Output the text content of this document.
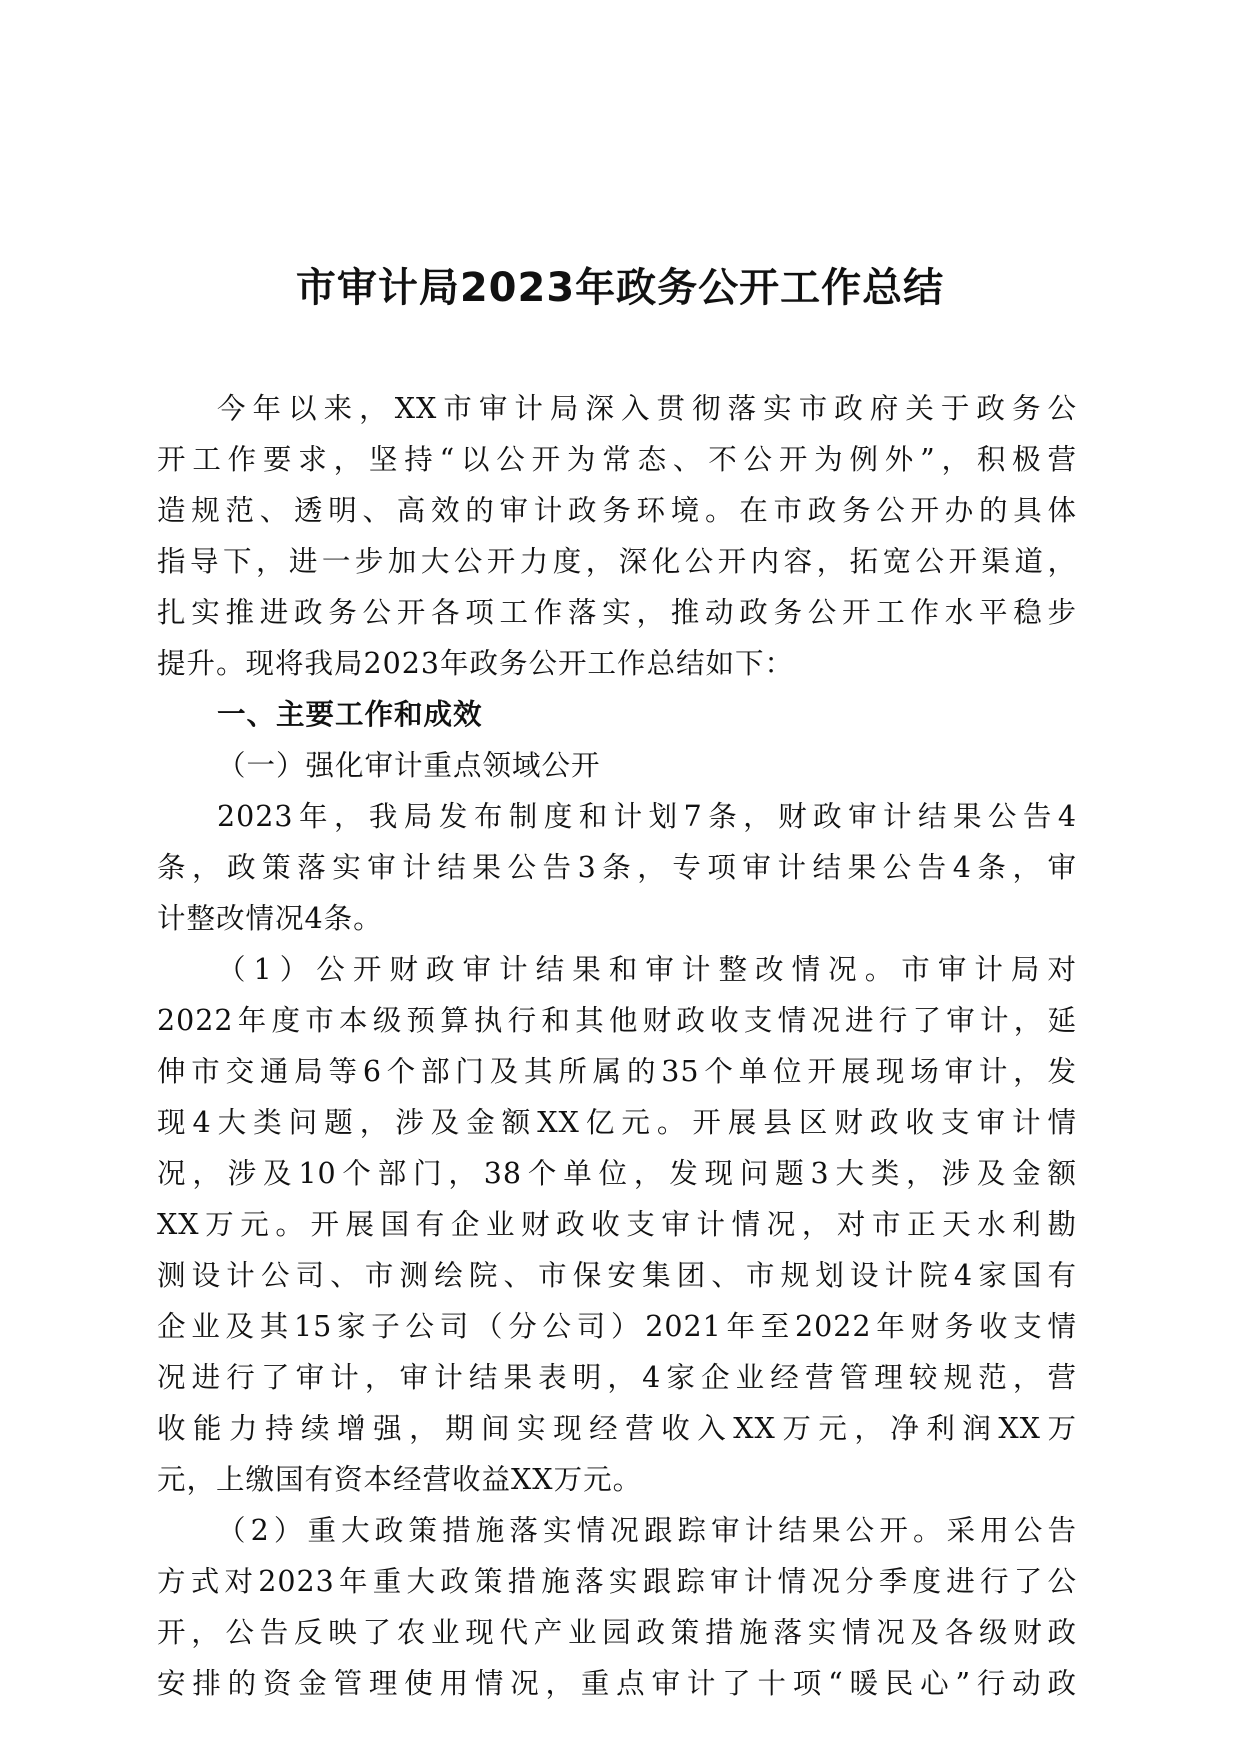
市审计局2023年政务公开工作总结
今年以来，XX市审计局深入贯彻落实市政府关于政务公
开工作要求，坚持“以公开为常态、不公开为例外”，积极营
造规范、透明、高效的审计政务环境。在市政务公开办的具体
指导下，进一步加大公开力度，深化公开内容，拓宽公开渠道，
扎实推进政务公开各项工作落实，推动政务公开工作水平稳步
提升。现将我局2023年政务公开工作总结如下：
一、主要工作和成效
（一）强化审计重点领域公开
2023年，我局发布制度和计划7条，财政审计结果公告4
条，政策落实审计结果公告3条，专项审计结果公告4条，审
计整改情况4条。
（1）公开财政审计结果和审计整改情况。市审计局对
2022年度市本级预算执行和其他财政收支情况进行了审计，延
伸市交通局等6个部门及其所属的35个单位开展现场审计，发
现4大类问题，涉及金额XX亿元。开展县区财政收支审计情
况，涉及10个部门，38个单位，发现问题3大类，涉及金额
XX万元。开展国有企业财政收支审计情况，对市正天水利勘
测设计公司、市测绘院、市保安集团、市规划设计院4家国有
企业及其15家子公司（分公司）2021年至2022年财务收支情
况进行了审计，审计结果表明，4家企业经营管理较规范，营
收能力持续增强，期间实现经营收入XX万元，净利润XX万
元，上缴国有资本经营收益XX万元。
（2）重大政策措施落实情况跟踪审计结果公开。采用公告
方式对2023年重大政策措施落实跟踪审计情况分季度进行了公
开，公告反映了农业现代产业园政策措施落实情况及各级财政
安排的资金管理使用情况，重点审计了十项“暖民心”行动政
